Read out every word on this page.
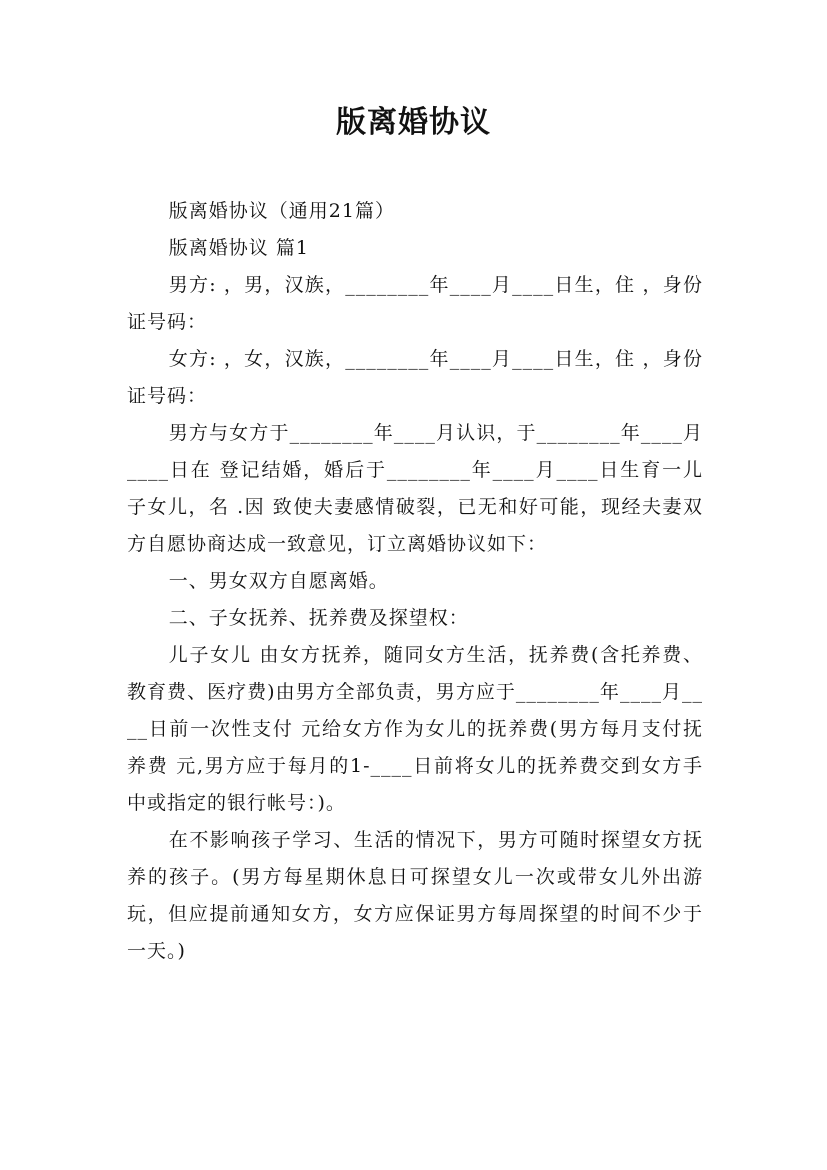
版离婚协议

版离婚协议（通用21篇）

版离婚协议 篇1

男方: ，男，汉族，________年____月____日生，住 ，身份证号码：

女方: ，女，汉族，________年____月____日生，住 ，身份证号码：

男方与女方于________年____月认识，于________年____月____日在 登记结婚，婚后于________年____月____日生育一儿子女儿，名 .因 致使夫妻感情破裂，已无和好可能，现经夫妻双方自愿协商达成一致意见，订立离婚协议如下：

一、男女双方自愿离婚。

二、子女抚养、抚养费及探望权：

儿子女儿 由女方抚养，随同女方生活，抚养费(含托养费、教育费、医疗费)由男方全部负责，男方应于________年____月____日前一次性支付 元给女方作为女儿的抚养费(男方每月支付抚养费 元,男方应于每月的1-____日前将女儿的抚养费交到女方手中或指定的银行帐号：)。

在不影响孩子学习、生活的情况下，男方可随时探望女方抚养的孩子。(男方每星期休息日可探望女儿一次或带女儿外出游玩，但应提前通知女方，女方应保证男方每周探望的时间不少于一天。)
